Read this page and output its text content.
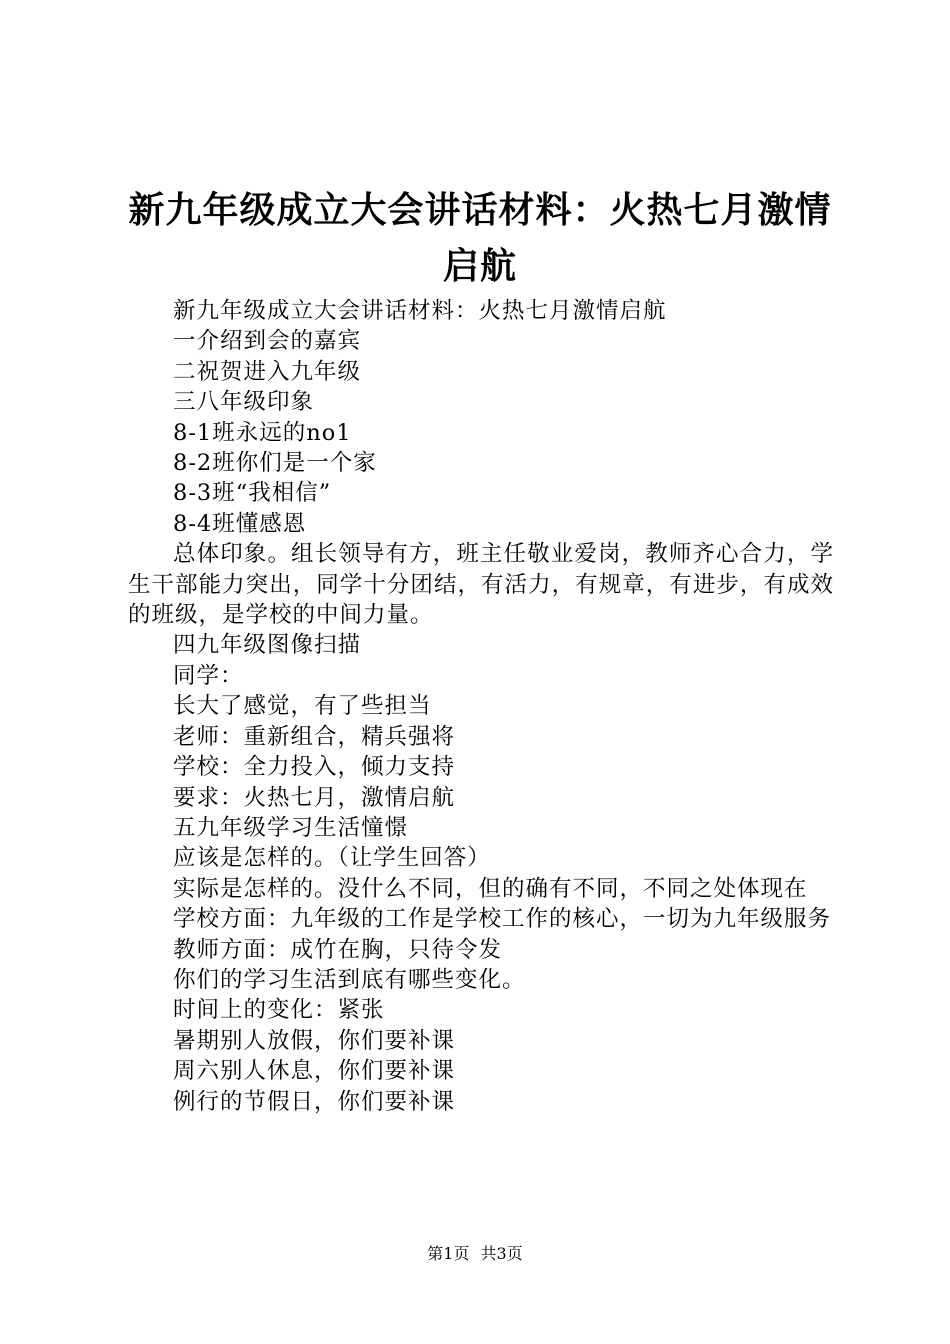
新九年级成立大会讲话材料：火热七月激情启航

新九年级成立大会讲话材料：火热七月激情启航

一介绍到会的嘉宾

二祝贺进入九年级

三八年级印象

8-1班永远的no1

8-2班你们是一个家

8-3班“我相信”

8-4班懂感恩

总体印象。组长领导有方，班主任敬业爱岗，教师齐心合力，学生干部能力突出，同学十分团结，有活力，有规章，有进步，有成效的班级，是学校的中间力量。

四九年级图像扫描

同学：

长大了感觉，有了些担当

老师：重新组合，精兵强将

学校：全力投入，倾力支持

要求：火热七月，激情启航

五九年级学习生活憧憬

应该是怎样的。（让学生回答）

实际是怎样的。没什么不同，但的确有不同，不同之处体现在

学校方面：九年级的工作是学校工作的核心，一切为九年级服务

教师方面：成竹在胸，只待令发

你们的学习生活到底有哪些变化。

时间上的变化：紧张

暑期别人放假，你们要补课

周六别人休息，你们要补课

例行的节假日，你们要补课

第1页 共3页
